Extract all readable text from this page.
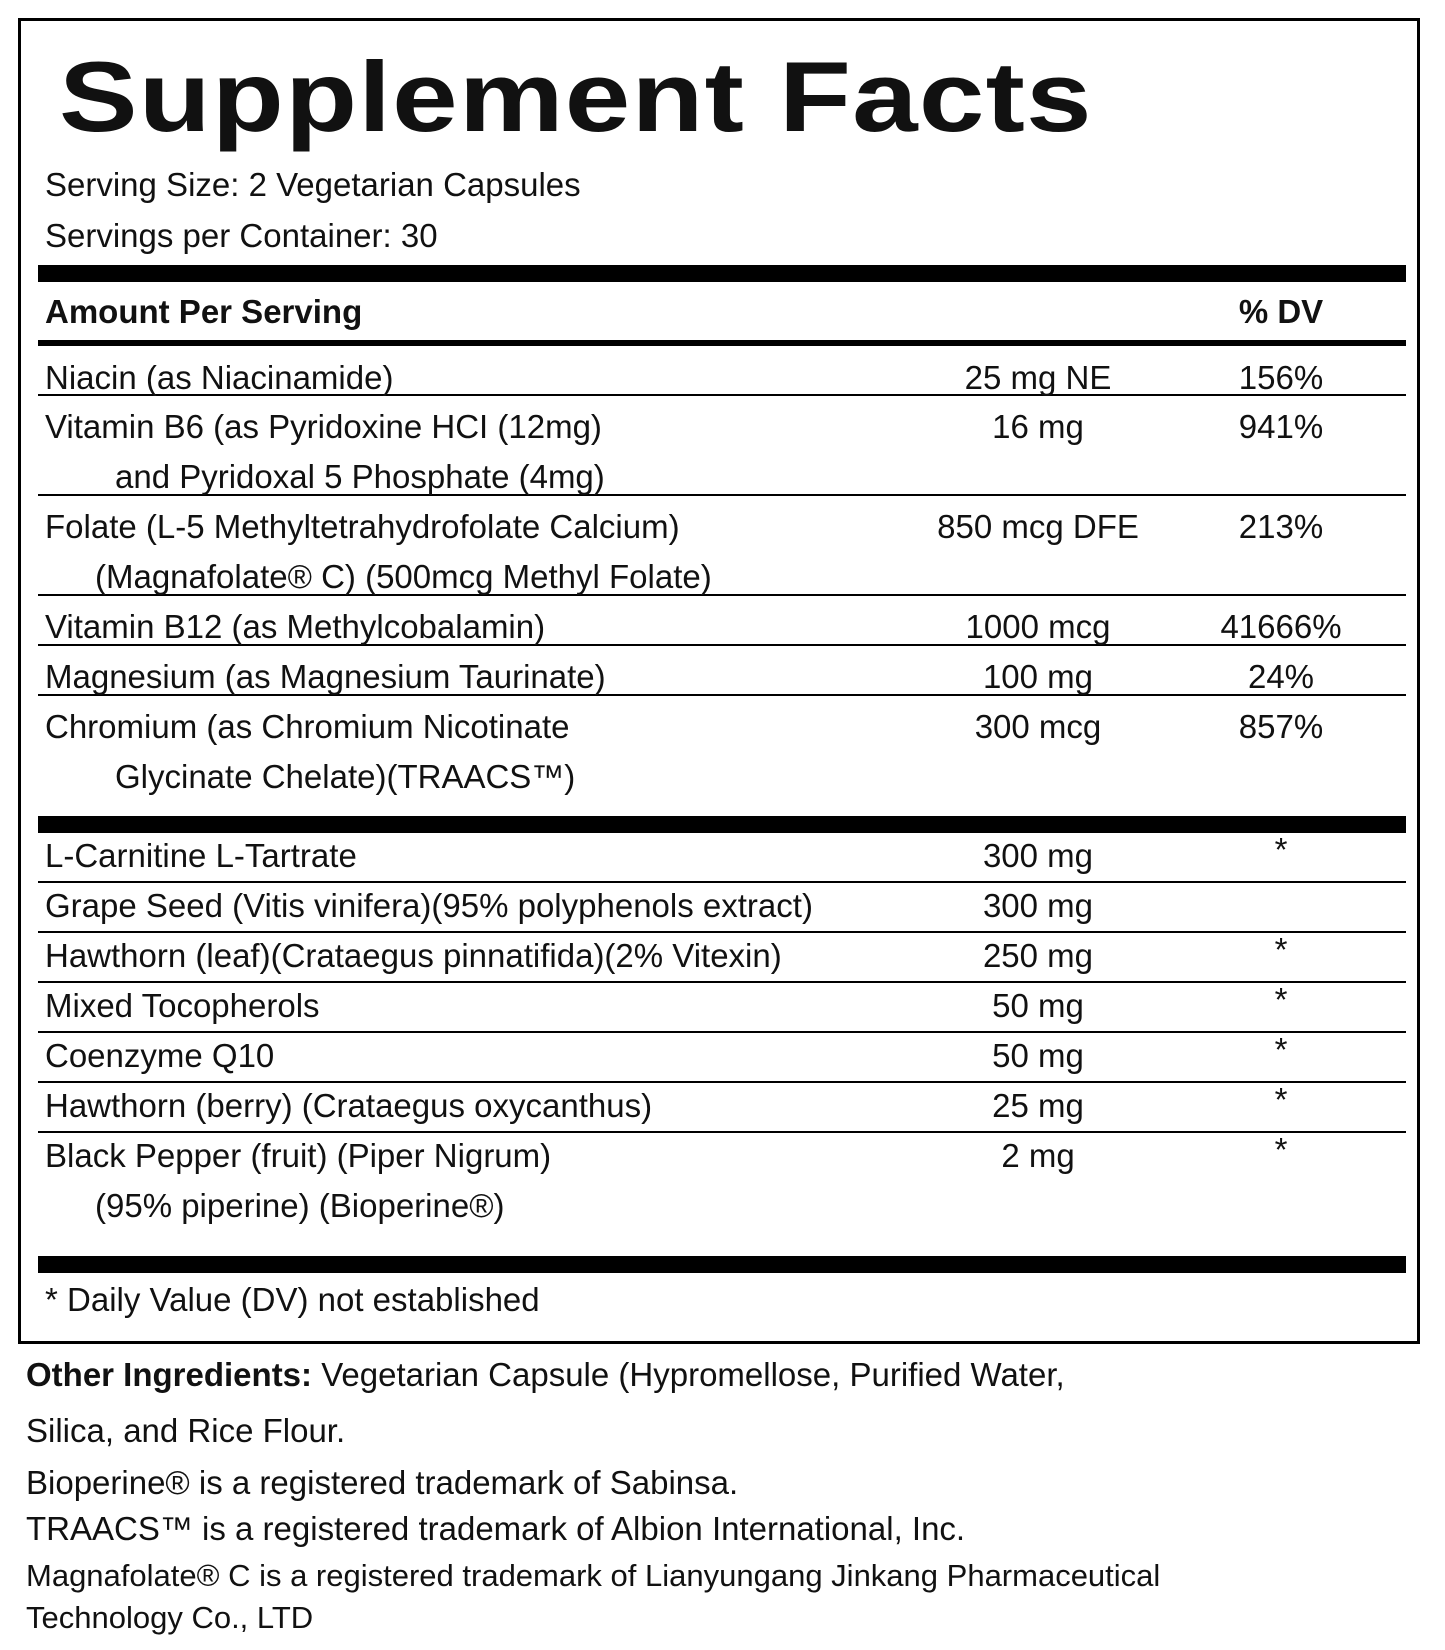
Supplement Facts
Serving Size: 2 Vegetarian Capsules
Servings per Container: 30
Amount Per Serving	% DV
Niacin (as Niacinamide)	25 mg NE	156%
Vitamin B6 (as Pyridoxine HCI (12mg)
and Pyridoxal 5 Phosphate (4mg)
16 mg	941%
Folate (L-5 Methyltetrahydrofolate Calcium)
(Magnafolate® C) (500mcg Methyl Folate)
850 mcg DFE	213%
Vitamin B12 (as Methylcobalamin)	1000 mcg	41666%
Magnesium (as Magnesium Taurinate)	100 mg	24%
Chromium (as Chromium Nicotinate
Glycinate Chelate)(TRAACS™)
300 mcg	857%
L-Carnitine L-Tartrate	300 mg	*
Grape Seed (Vitis vinifera)(95% polyphenols extract)	300 mg
Hawthorn (leaf)(Crataegus pinnatifida)(2% Vitexin)	250 mg	*
Mixed Tocopherols	50 mg	*
Coenzyme Q10	50 mg	*
Hawthorn (berry) (Crataegus oxycanthus)	25 mg	*
Black Pepper (fruit) (Piper Nigrum)
(95% piperine) (Bioperine®)
2 mg	*
* Daily Value (DV) not established
Other Ingredients: Vegetarian Capsule (Hypromellose, Purified Water,
Silica, and Rice Flour.
Bioperine® is a registered trademark of Sabinsa.
TRAACS™ is a registered trademark of Albion International, Inc.
Magnafolate® C is a registered trademark of Lianyungang Jinkang Pharmaceutical
Technology Co., LTD
